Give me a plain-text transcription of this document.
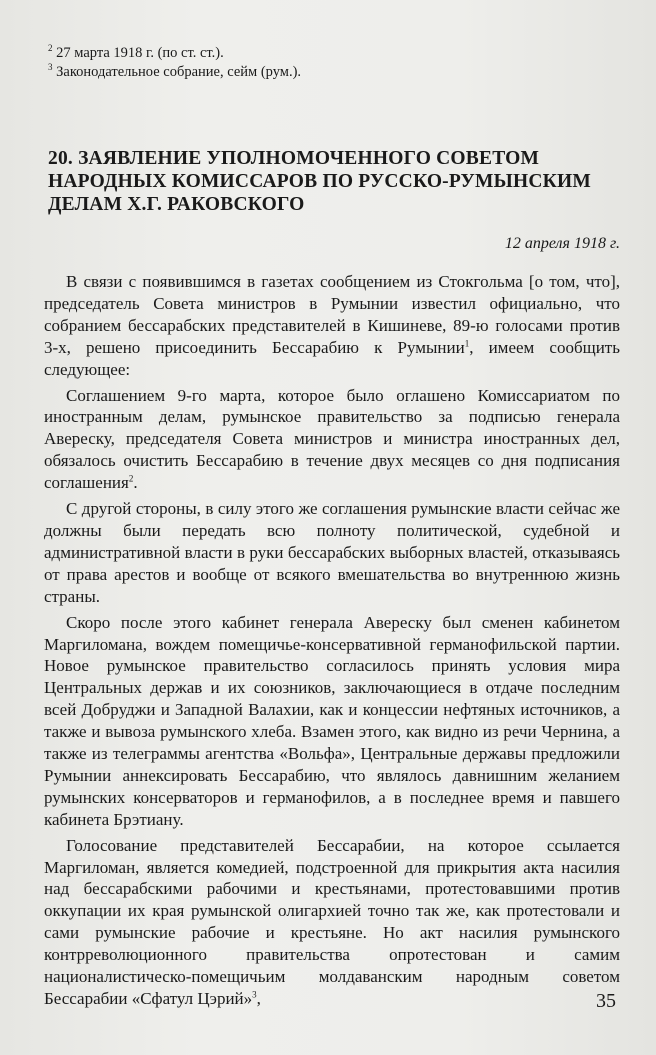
$^2$ 27 марта 1918 г. (по ст. ст.).
$^3$ Законодательное собрание, сейм (рум.).
20. ЗАЯВЛЕНИЕ УПОЛНОМОЧЕННОГО СОВЕТОМ НАРОДНЫХ КОМИССАРОВ ПО РУССКО-РУМЫНСКИМ ДЕЛАМ Х.Г. РАКОВСКОГО
12 апреля 1918 г.

В связи с появившимся в газетах сообщением из Стокгольма [о том, что], председатель Совета министров в Румынии известил официально, что собранием бессарабских представителей в Кишиневе, 89-ю голосами против 3-х, решено присоединить Бессарабию к Румынии$^1$, имеем сообщить следующее:

Соглашением 9-го марта, которое было оглашено Комиссариатом по иностранным делам, румынское правительство за подписью генерала Авереску, председателя Совета министров и министра иностранных дел, обязалось очистить Бессарабию в течение двух месяцев со дня подписания соглашения$^2$.

С другой стороны, в силу этого же соглашения румынские власти сейчас же должны были передать всю полноту политической, судебной и административной власти в руки бессарабских выборных властей, отказываясь от права арестов и вообще от всякого вмешательства во внутреннюю жизнь страны.

Скоро после этого кабинет генерала Авереску был сменен кабинетом Маргиломана, вождем помещичье-консервативной германофильской партии. Новое румынское правительство согласилось принять условия мира Центральных держав и их союзников, заключающиеся в отдаче последним всей Добруджи и Западной Валахии, как и концессии нефтяных источников, а также и вывоза румынского хлеба. Взамен этого, как видно из речи Чернина, а также из телеграммы агентства «Вольфа», Центральные державы предложили Румынии аннексировать Бессарабию, что являлось давнишним желанием румынских консерваторов и германофилов, а в последнее время и павшего кабинета Брэтиану.

Голосование представителей Бессарабии, на которое ссылается Маргиломан, является комедией, подстроенной для прикрытия акта насилия над бессарабскими рабочими и крестьянами, протестовавшими против оккупации их края румынской олигархией точно так же, как протестовали и сами румынские рабочие и крестьяне. Но акт насилия румынского контрреволюционного правительства опротестован и самим националистическо-помещичьим молдаванским народным советом Бессарабии «Сфатул Цэрий»$^3$,	35
